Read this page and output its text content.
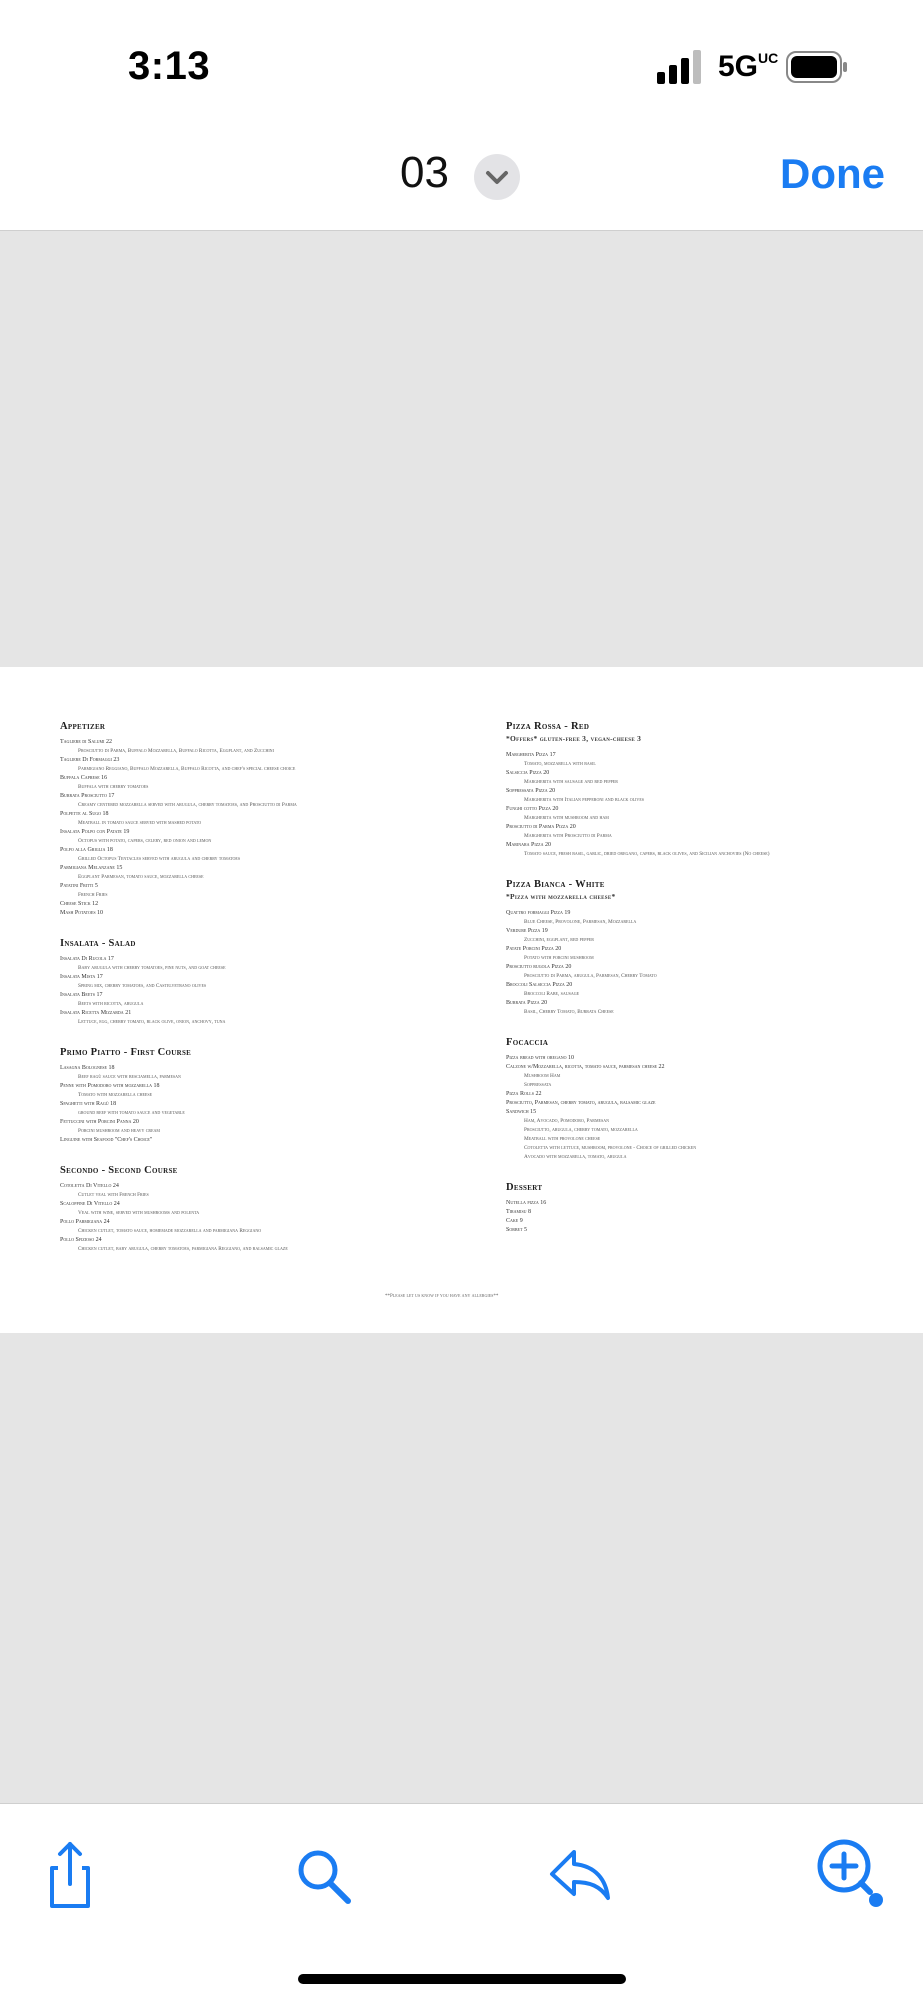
3:13	$5G^{UC}$
03	Done
Appetizer
Tagliere di Salumi 22
Prosciutto di Parma, Buffalo Mozzarella, Buffalo Ricotta, Eggplant, and Zucchini
Tagliere Di Formaggi 23
Parmigiano Reggiano, Buffalo Mozzarella, Buffalo Ricotta, and chef's special cheese choice
Buffala Caprese 16
Buffala with cherry tomatoes
Burrata Prosciutto 17
Creamy centered mozzarella served with arugula, cherry tomatoes, and Prosciutto di Parma
Polpette al Sugo 18
Meatball in tomato sauce served with mashed potato
Insalata Polpo con Patate 19
Octopus with potato, capers, celery, red onion and lemon
Polpo alla Griglia 18
Grilled Octopus Tentacles served with arugula and cherry tomatoes
Parmigiana Melanzane 15
Eggplant Parmesan, tomato sauce, mozzarella cheese
Patatini Fritti 5
French Fries
Cheese Stick 12
Mash Potatoes 10
Insalata - Salad
Insalata Di Rucola 17
Baby arugula with cherry tomatoes, pine nuts, and goat cheese
Insalata Mista 17
Spring mix, cherry tomatoes, and Castelvetrano olives
Insalata Beets 17
Beets with ricotta, arugula
Insalata Ricetta Mizzarda 21
Lettuce, egg, cherry tomato, black olive, onion, anchovy, tuna
Primo Piatto - First Course
Lasagna Bolognese 18
Beef ragù sauce with besciamella, parmesan
Penne with Pomodoro with mozzarella 18
Tomato with mozzarella cheese
Spaghetti with Ragù 18
ground beef with tomato sauce and vegetable
Fettuccini with Porcini Panna 20
Porcini mushroom and heavy cream
Linguine with Seafood "Chef's Choice"
Secondo - Second Course
Cotoletta Di Vitello 24
Cutlet veal with French Fries
Scaloppine Di Vitello 24
Veal with wine, served with mushrooms and polenta
Pollo Parmigiana 24
Chicken cutlet, tomato sauce, homemade mozzarella and parmigiana Reggiano
Pollo Sfizioso 24
Chicken cutlet, baby arugula, cherry tomatoes, parmigiana Reggiano, and balsamic glaze
Pizza Rossa - Red
*Offers* gluten-free 3, vegan-cheese 3
Margherita Pizza 17
Tomato, mozzarella with basil
Salsiccia Pizza 20
Margherita with sausage and red pepper
Soppressata Pizza 20
Margherita with Italian pepperoni and black olives
Funghi cotto Pizza 20
Margherita with mushroom and ham
Prosciutto di Parma Pizza 20
Margherita with Prosciutto di Parma
Marinara Pizza 20
Tomato sauce, fresh basil, garlic, dried oregano, capers, black olives, and Sicilian anchovies (No cheese)
Pizza Bianca - White
*Pizza with mozzarella cheese*
Quattro formaggi Pizza 19
Blue Cheese, Provolone, Parmesan, Mozzarella
Verdure Pizza 19
Zucchini, eggplant, red pepper
Patate Porcini Pizza 20
Potato with porcini mushroom
Prosciutto rugola Pizza 20
Prosciutto di Parma, arugula, Parmesan, Cherry Tomato
Broccoli Salsiccia Pizza 20
Broccoli Rabe, sausage
Burrata Pizza 20
Basil, Cherry Tomato, Burrata Cheese
Focaccia
Pizza bread with oregano 10
Calzone w/Mozzarella, ricotta, tomato sauce, parmesan cheese 22
Mushroom Ham
Soppressata
Pizza Rolls 22
Prosciutto, Parmesan, cherry tomato, arugula, balsamic glaze
Sandwich 15
Ham, Avocado, Pomodoro, Parmesan
Prosciutto, arugula, cherry tomato, mozzarella
Meatball with provolone cheese
Cotoletta with lettuce, mushroom, provolone - Choice of grilled chicken
Avocado with mozzarella, tomato, arugula
Dessert
Nutella pizza 16
Tiramisu 8
Cake 9
Sorbet 5
**Please let us know if you have any allergies**
